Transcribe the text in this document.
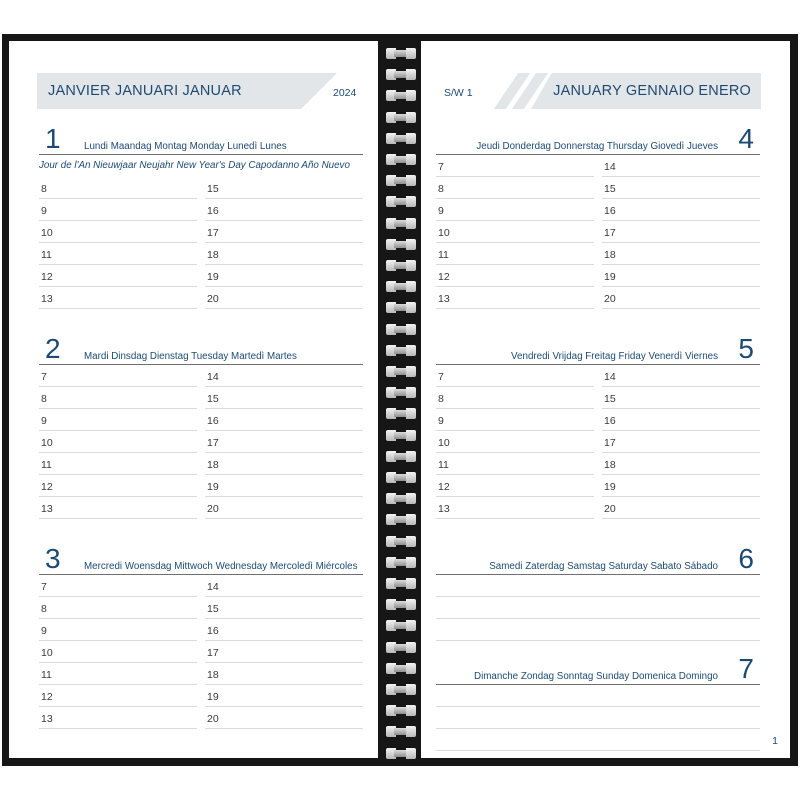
JANVIER JANUARI JANUAR	2024
1 Lundi Maandag Montag Monday Lunedì Lunes
Jour de l'An Nieuwjaar Neujahr New Year's Day Capodanno Año Nuevo
8
9
10
11
12
13
15
16
17
18
19
20
2 Mardi Dinsdag Dienstag Tuesday Martedì Martes
7
8
9
10
11
12
13
14
15
16
17
18
19
20
3 Mercredi Woensdag Mittwoch Wednesday Mercoledì Miércoles
7
8
9
10
11
12
13
14
15
16
17
18
19
20
S/W 1	JANUARY GENNAIO ENERO
4
Jeudi Donderdag Donnerstag Thursday Giovedì Jueves
7
8
9
10
11
12
13
14
15
16
17
18
19
20
5
Vendredi Vrijdag Freitag Friday Venerdì Viernes
7
8
9
10
11
12
13
14
15
16
17
18
19
20
6
Samedi Zaterdag Samstag Saturday Sabato Sábado
7
Dimanche Zondag Sonntag Sunday Domenica Domingo
1
